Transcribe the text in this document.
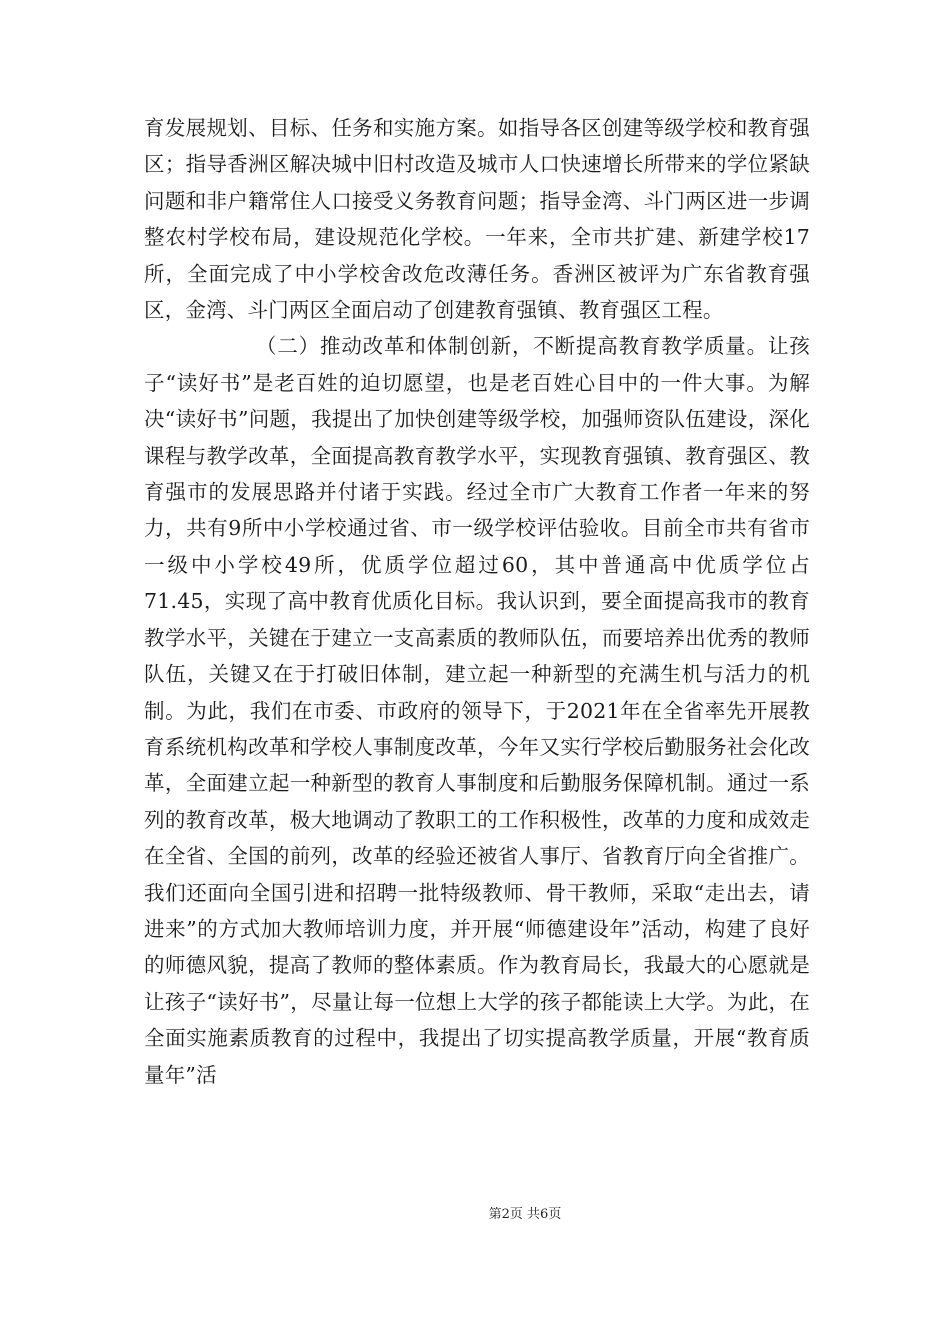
育发展规划、目标、任务和实施方案。如指导各区创建等级学校和教育强区；指导香洲区解决城中旧村改造及城市人口快速增长所带来的学位紧缺问题和非户籍常住人口接受义务教育问题；指导金湾、斗门两区进一步调整农村学校布局，建设规范化学校。一年来，全市共扩建、新建学校17所，全面完成了中小学校舍改危改薄任务。香洲区被评为广东省教育强区，金湾、斗门两区全面启动了创建教育强镇、教育强区工程。

（二）推动改革和体制创新，不断提高教育教学质量。让孩子“读好书”是老百姓的迫切愿望，也是老百姓心目中的一件大事。为解决“读好书”问题，我提出了加快创建等级学校，加强师资队伍建设，深化课程与教学改革，全面提高教育教学水平，实现教育强镇、教育强区、教育强市的发展思路并付诸于实践。经过全市广大教育工作者一年来的努力，共有9所中小学校通过省、市一级学校评估验收。目前全市共有省市一级中小学校49所，优质学位超过60，其中普通高中优质学位占71.45，实现了高中教育优质化目标。我认识到，要全面提高我市的教育教学水平，关键在于建立一支高素质的教师队伍，而要培养出优秀的教师队伍，关键又在于打破旧体制，建立起一种新型的充满生机与活力的机制。为此，我们在市委、市政府的领导下，于2021年在全省率先开展教育系统机构改革和学校人事制度改革，今年又实行学校后勤服务社会化改革，全面建立起一种新型的教育人事制度和后勤服务保障机制。通过一系列的教育改革，极大地调动了教职工的工作积极性，改革的力度和成效走在全省、全国的前列，改革的经验还被省人事厅、省教育厅向全省推广。我们还面向全国引进和招聘一批特级教师、骨干教师，采取“走出去，请进来”的方式加大教师培训力度，并开展“师德建设年”活动，构建了良好的师德风貌，提高了教师的整体素质。作为教育局长，我最大的心愿就是让孩子“读好书”，尽量让每一位想上大学的孩子都能读上大学。为此，在全面实施素质教育的过程中，我提出了切实提高教学质量，开展“教育质量年”活

第2页 共6页
